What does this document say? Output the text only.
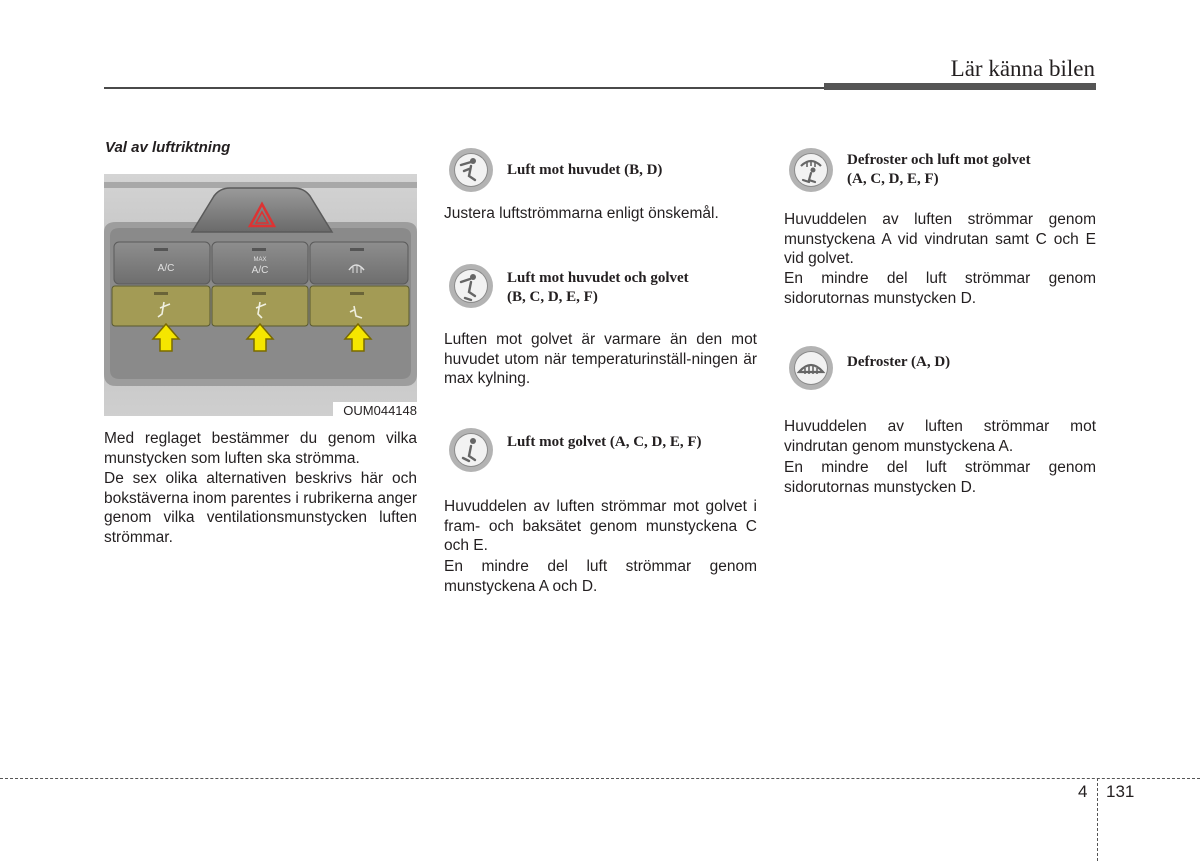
Lär känna bilen
Val av luftriktning
A/C
MAX
A/C
OUM044148

Med reglaget bestämmer du genom vilka munstycken som luften ska strömma.

De sex olika alternativen beskrivs här och bokstäverna inom parentes i rubrikerna anger genom vilka ventilationsmunstycken luften strömmar.

Luft mot huvudet (B, D)

Justera luftströmmarna enligt önskemål.

Luft mot huvudet och golvet
(B, C, D, E, F)

Luften mot golvet är varmare än den mot huvudet utom när temperaturinställ-ningen är max kylning.

Luft mot golvet (A, C, D, E, F)

Huvuddelen av luften strömmar mot golvet i fram- och baksätet genom munstyckena C och E.

En mindre del luft strömmar genom munstyckena A och D.

Defroster och luft mot golvet
(A, C, D, E, F)

Huvuddelen av luften strömmar genom munstyckena A vid vindrutan samt C och E vid golvet.

En mindre del luft strömmar genom sidorutornas munstycken D.

Defroster (A, D)

Huvuddelen av luften strömmar mot vindrutan genom munstyckena A.

En mindre del luft strömmar genom sidorutornas munstycken D.

4 131
